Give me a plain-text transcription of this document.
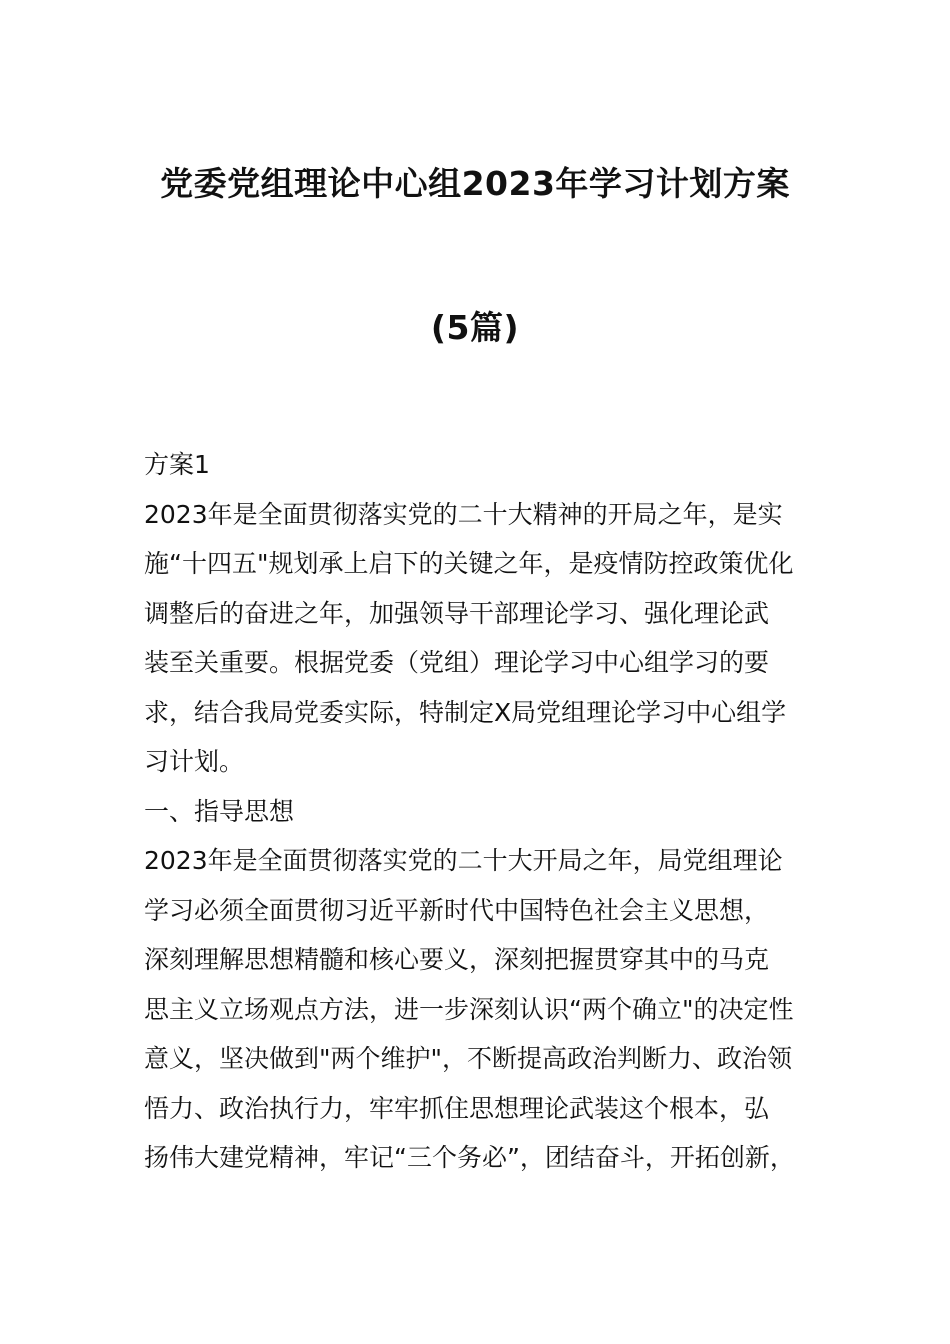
党委党组理论中心组2023年学习计划方案
(5篇)
方案1
2023年是全面贯彻落实党的二十大精神的开局之年，是实
施“十四五"规划承上启下的关键之年，是疫情防控政策优化
调整后的奋进之年，加强领导干部理论学习、强化理论武
装至关重要。根据党委（党组）理论学习中心组学习的要
求，结合我局党委实际，特制定X局党组理论学习中心组学
习计划。
一、指导思想
2023年是全面贯彻落实党的二十大开局之年，局党组理论
学习必须全面贯彻习近平新时代中国特色社会主义思想，
深刻理解思想精髓和核心要义，深刻把握贯穿其中的马克
思主义立场观点方法，进一步深刻认识“两个确立"的决定性
意义，坚决做到"两个维护"，不断提高政治判断力、政治领
悟力、政治执行力，牢牢抓住思想理论武装这个根本，弘
扬伟大建党精神，牢记“三个务必”，团结奋斗，开拓创新，
